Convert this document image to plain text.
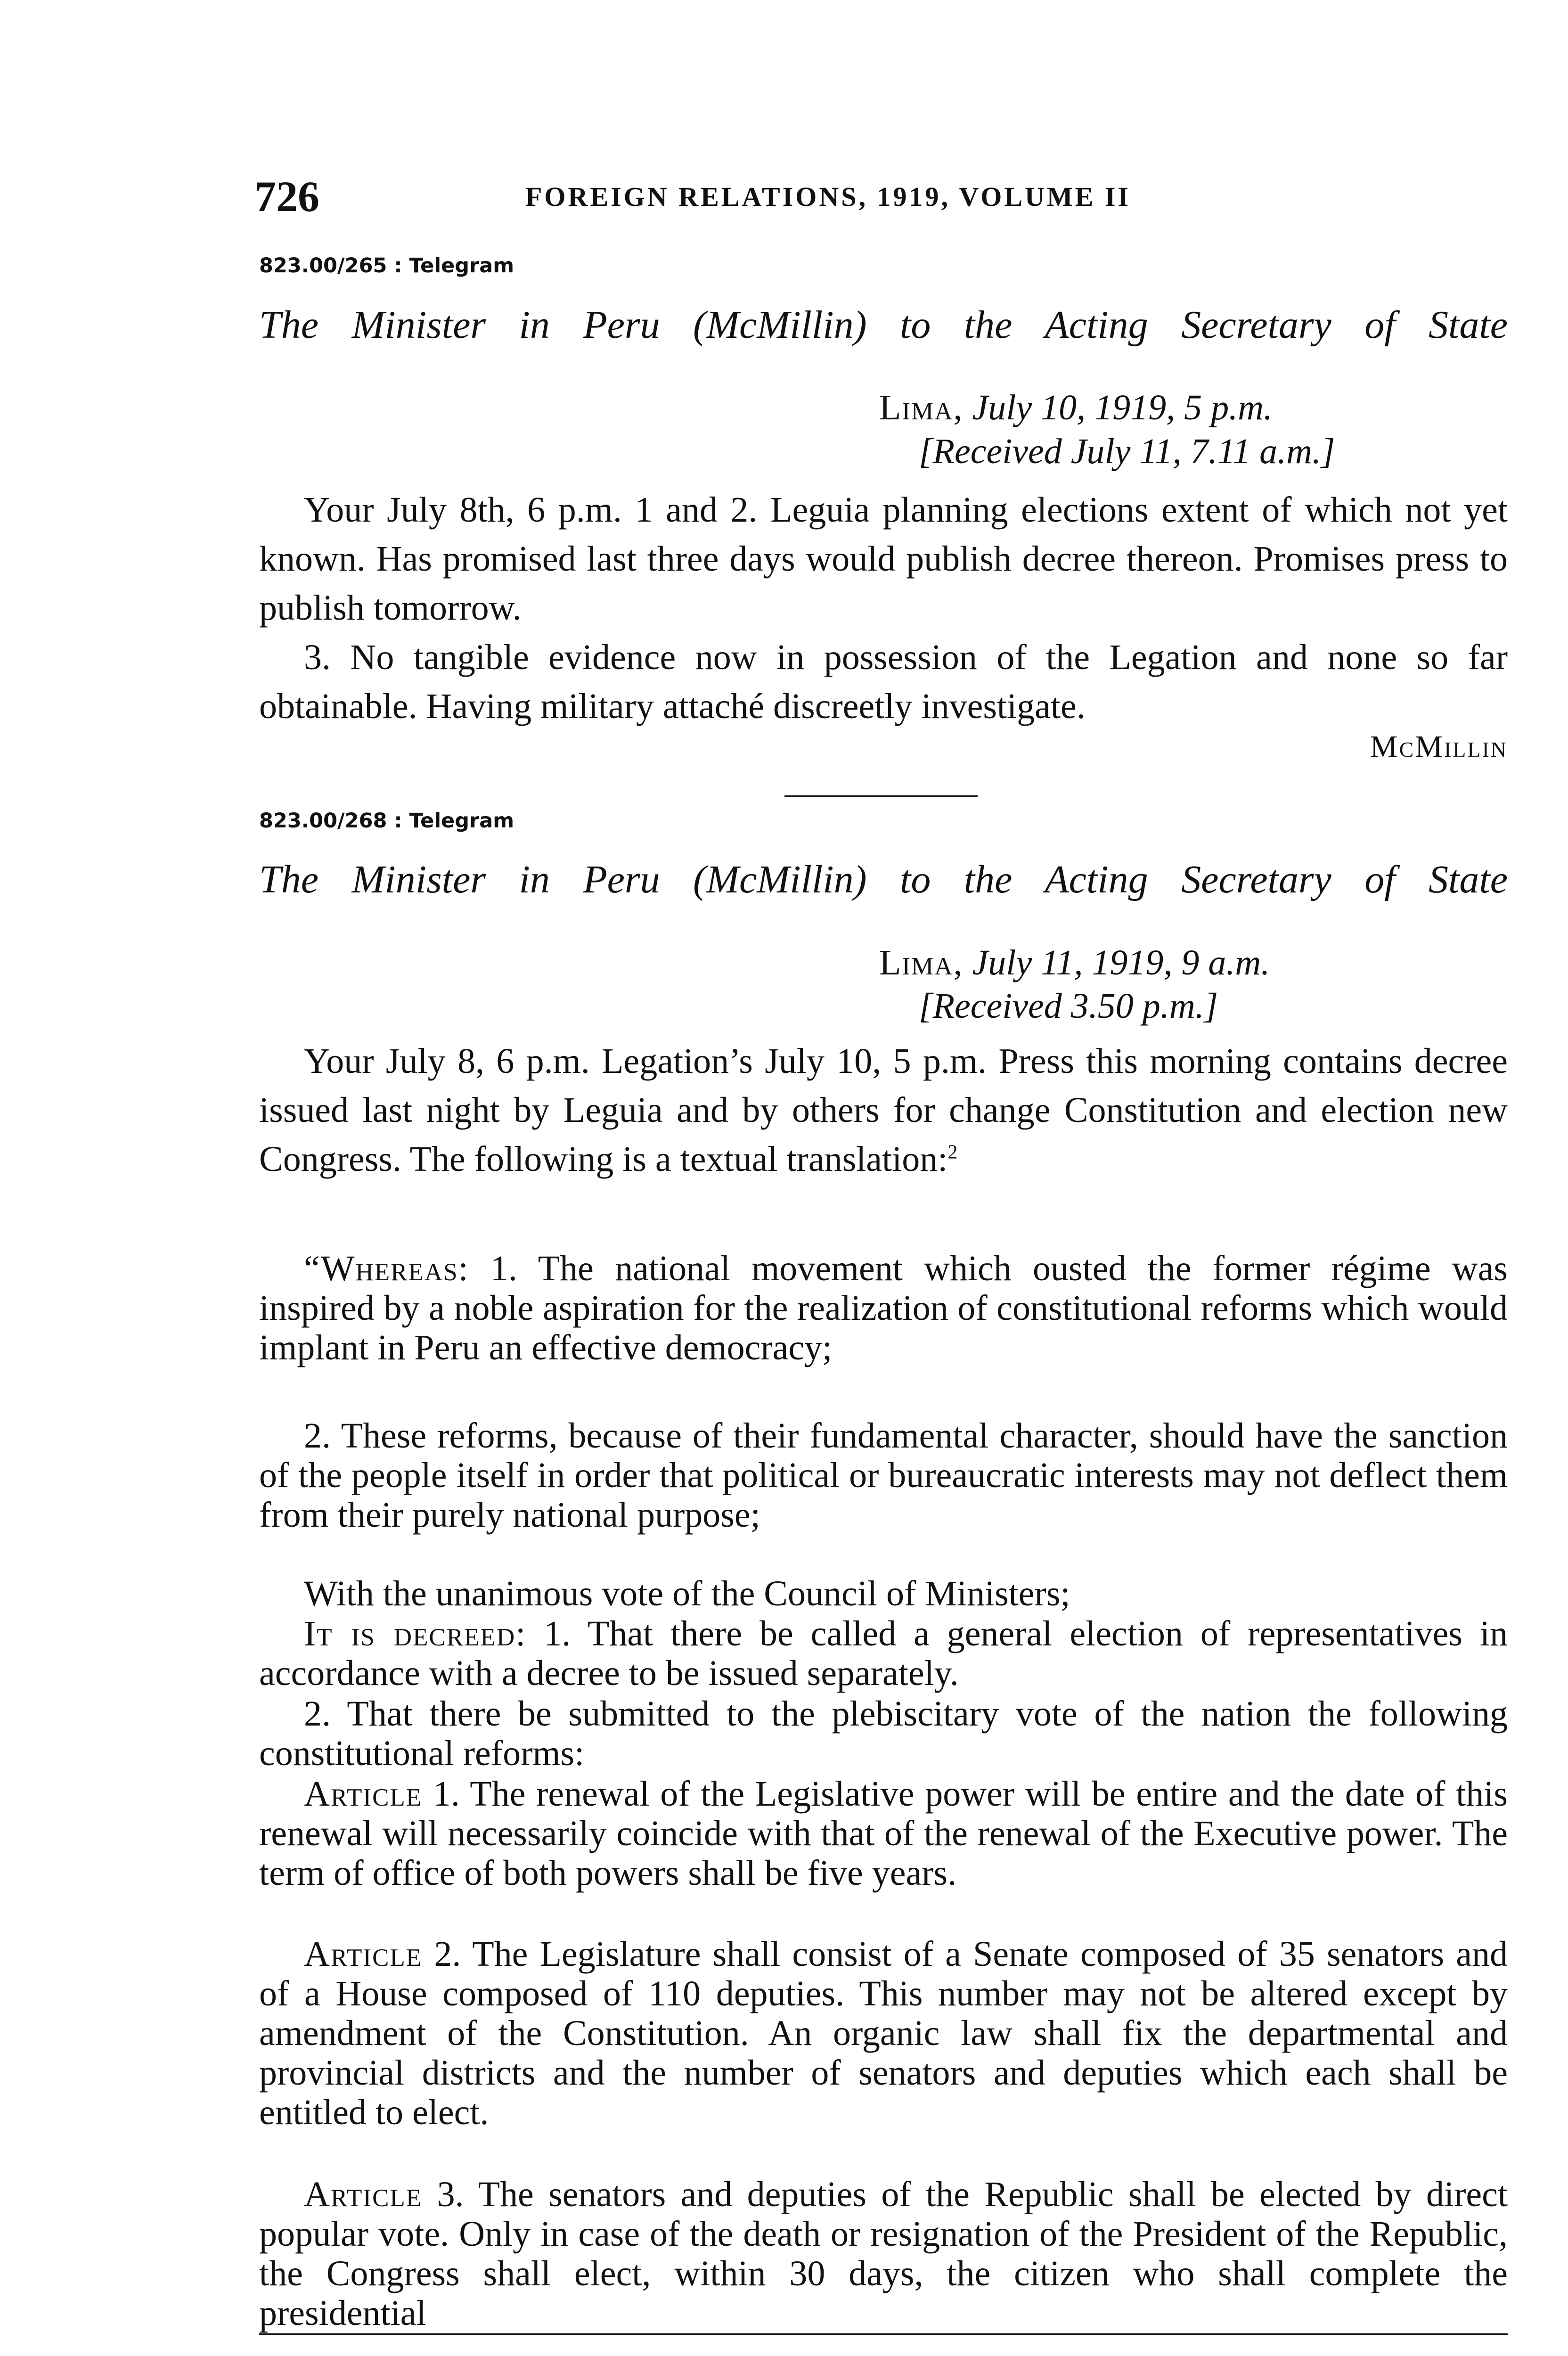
726	FOREIGN RELATIONS, 1919, VOLUME II
823.00/265 : Telegram
The Minister in Peru (McMillin) to the Acting Secretary of State
Lima, July 10, 1919, 5 p.m.
[Received July 11, 7.11 a.m.]

Your July 8th, 6 p.m. 1 and 2. Leguia planning elections extent of which not yet known. Has promised last three days would publish decree thereon. Promises press to publish tomorrow.

3. No tangible evidence now in possession of the Legation and none so far obtainable. Having military attaché discreetly investigate.

McMillin
823.00/268 : Telegram
The Minister in Peru (McMillin) to the Acting Secretary of State
Lima, July 11, 1919, 9 a.m.
[Received 3.50 p.m.]

Your July 8, 6 p.m. Legation’s July 10, 5 p.m. Press this morning contains decree issued last night by Leguia and by others for change Constitution and election new Congress. The following is a textual translation:$^2$

“Whereas: 1. The national movement which ousted the former régime was inspired by a noble aspiration for the realization of constitutional reforms which would implant in Peru an effective democracy;

2. These reforms, because of their fundamental character, should have the sanction of the people itself in order that political or bureaucratic interests may not deflect them from their purely national purpose;

With the unanimous vote of the Council of Ministers;

It is decreed: 1. That there be called a general election of representatives in accordance with a decree to be issued separately.

2. That there be submitted to the plebiscitary vote of the nation the following constitutional reforms:

Article 1. The renewal of the Legislative power will be entire and the date of this renewal will necessarily coincide with that of the renewal of the Executive power. The term of office of both powers shall be five years.

Article 2. The Legislature shall consist of a Senate composed of 35 senators and of a House composed of 110 deputies. This number may not be altered except by amendment of the Constitution. An organic law shall fix the departmental and provincial districts and the number of senators and deputies which each shall be entitled to elect.

Article 3. The senators and deputies of the Republic shall be elected by direct popular vote. Only in case of the death or resignation of the President of the Republic, the Congress shall elect, within 30 days, the citizen who shall complete the presidential
